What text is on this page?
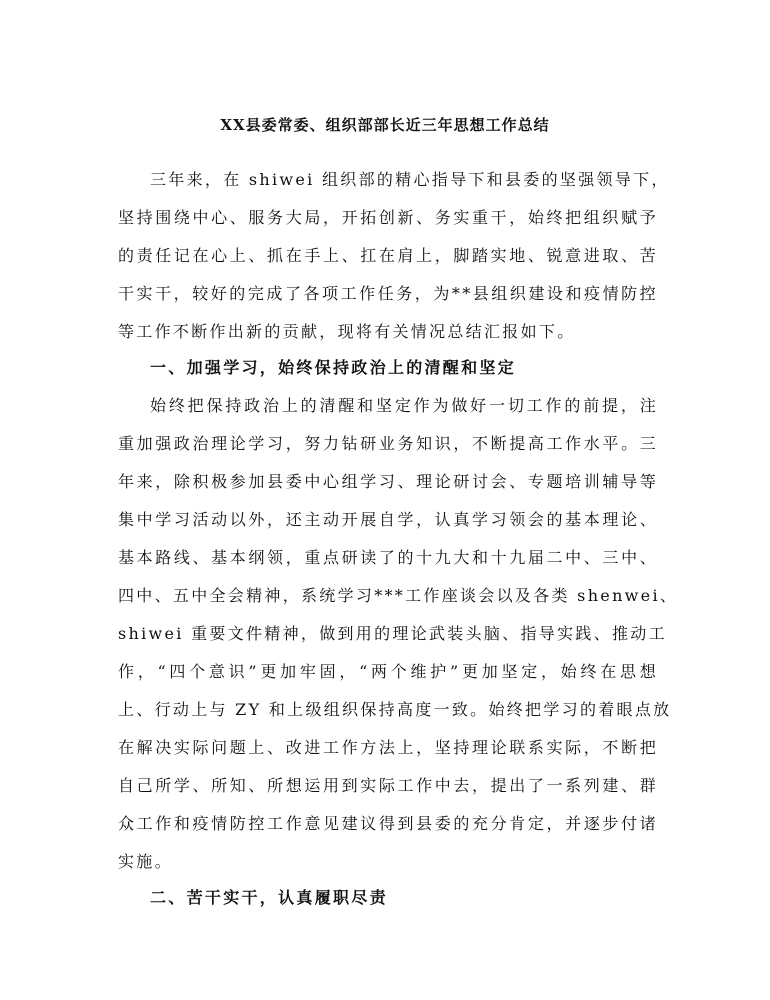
XX县委常委、组织部部长近三年思想工作总结
三年来，在 shiwei 组织部的精心指导下和县委的坚强领导下，
坚持围绕中心、服务大局，开拓创新、务实重干，始终把组织赋予
的责任记在心上、抓在手上、扛在肩上，脚踏实地、锐意进取、苦
干实干，较好的完成了各项工作任务，为**县组织建设和疫情防控
等工作不断作出新的贡献，现将有关情况总结汇报如下。
一、加强学习，始终保持政治上的清醒和坚定
始终把保持政治上的清醒和坚定作为做好一切工作的前提，注
重加强政治理论学习，努力钻研业务知识，不断提高工作水平。三
年来，除积极参加县委中心组学习、理论研讨会、专题培训辅导等
集中学习活动以外，还主动开展自学，认真学习领会的基本理论、
基本路线、基本纲领，重点研读了的十九大和十九届二中、三中、
四中、五中全会精神，系统学习***工作座谈会以及各类 shenwei、
shiwei 重要文件精神，做到用的理论武装头脑、指导实践、推动工
作，“四个意识”更加牢固，“两个维护”更加坚定，始终在思想
上、行动上与 ZY 和上级组织保持高度一致。始终把学习的着眼点放
在解决实际问题上、改进工作方法上，坚持理论联系实际，不断把
自己所学、所知、所想运用到实际工作中去，提出了一系列建、群
众工作和疫情防控工作意见建议得到县委的充分肯定，并逐步付诸
实施。
二、苦干实干，认真履职尽责
